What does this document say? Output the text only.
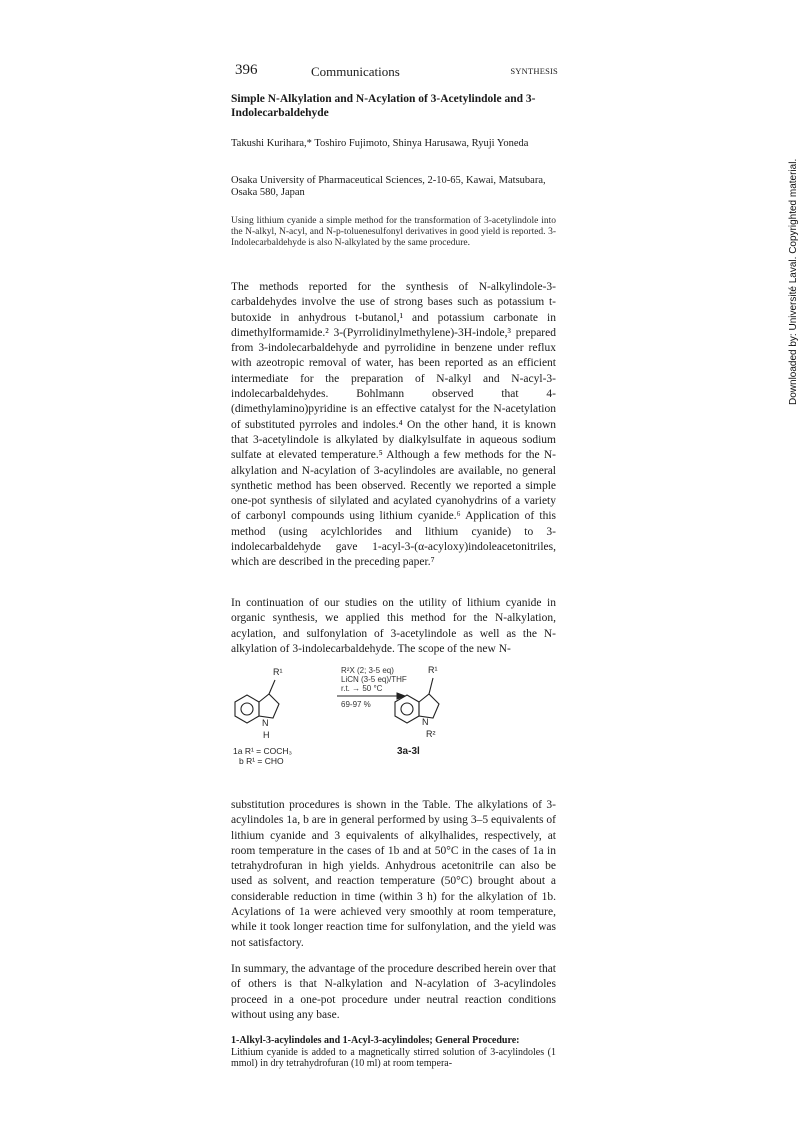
396	Communications	SYNTHESIS
Simple N-Alkylation and N-Acylation of 3-Acetylindole and 3-Indolecarbaldehyde

Takushi Kurihara,* Toshiro Fujimoto, Shinya Harusawa, Ryuji Yoneda

Osaka University of Pharmaceutical Sciences, 2-10-65, Kawai, Matsubara, Osaka 580, Japan

Using lithium cyanide a simple method for the transformation of 3-acetylindole into the N-alkyl, N-acyl, and N-p-toluenesulfonyl derivatives in good yield is reported. 3-Indolecarbaldehyde is also N-alkylated by the same procedure.

The methods reported for the synthesis of N-alkylindole-3-carbaldehydes involve the use of strong bases such as potassium t-butoxide in anhydrous t-butanol,¹ and potassium carbonate in dimethylformamide.² 3-(Pyrrolidinylmethylene)-3H-indole,³ prepared from 3-indolecarbaldehyde and pyrrolidine in benzene under reflux with azeotropic removal of water, has been reported as an efficient intermediate for the preparation of N-alkyl and N-acyl-3-indolecarbaldehydes. Bohlmann observed that 4-(dimethylamino)pyridine is an effective catalyst for the N-acetylation of substituted pyrroles and indoles.⁴ On the other hand, it is known that 3-acetylindole is alkylated by dialkylsulfate in aqueous sodium sulfate at elevated temperature.⁵ Although a few methods for the N-alkylation and N-acylation of 3-acylindoles are available, no general synthetic method has been observed. Recently we reported a simple one-pot synthesis of silylated and acylated cyanohydrins of a variety of carbonyl compounds using lithium cyanide.⁶ Application of this method (using acylchlorides and lithium cyanide) to 3-indolecarbaldehyde gave 1-acyl-3-(α-acyloxy)indoleacetonitriles, which are described in the preceding paper.⁷

In continuation of our studies on the utility of lithium cyanide in organic synthesis, we applied this method for the N-alkylation, acylation, and sulfonylation of 3-acetylindole as well as the N-alkylation of 3-indolecarbaldehyde. The scope of the new N-

R¹
N
H
R²X (2; 3-5 eq)
LiCN (3-5 eq)/THF
r.t. → 50 °C
69-97 %
R¹
N
R²
1a R¹ = COCH₃
b R¹ = CHO
3a-3l

substitution procedures is shown in the Table. The alkylations of 3-acylindoles 1a, b are in general performed by using 3–5 equivalents of lithium cyanide and 3 equivalents of alkylhalides, respectively, at room temperature in the cases of 1b and at 50°C in the cases of 1a in tetrahydrofuran in high yields. Anhydrous acetonitrile can also be used as solvent, and reaction temperature (50°C) brought about a considerable reduction in time (within 3 h) for the alkylation of 1b. Acylations of 1a were achieved very smoothly at room temperature, while it took longer reaction time for sulfonylation, and the yield was not satisfactory.

In summary, the advantage of the procedure described herein over that of others is that N-alkylation and N-acylation of 3-acylindoles proceed in a one-pot procedure under neutral reaction conditions without using any base.

1-Alkyl-3-acylindoles and 1-Acyl-3-acylindoles; General Procedure:
Lithium cyanide is added to a magnetically stirred solution of 3-acylindoles (1 mmol) in dry tetrahydrofuran (10 ml) at room tempera-

Downloaded by: Université Laval. Copyrighted material.
